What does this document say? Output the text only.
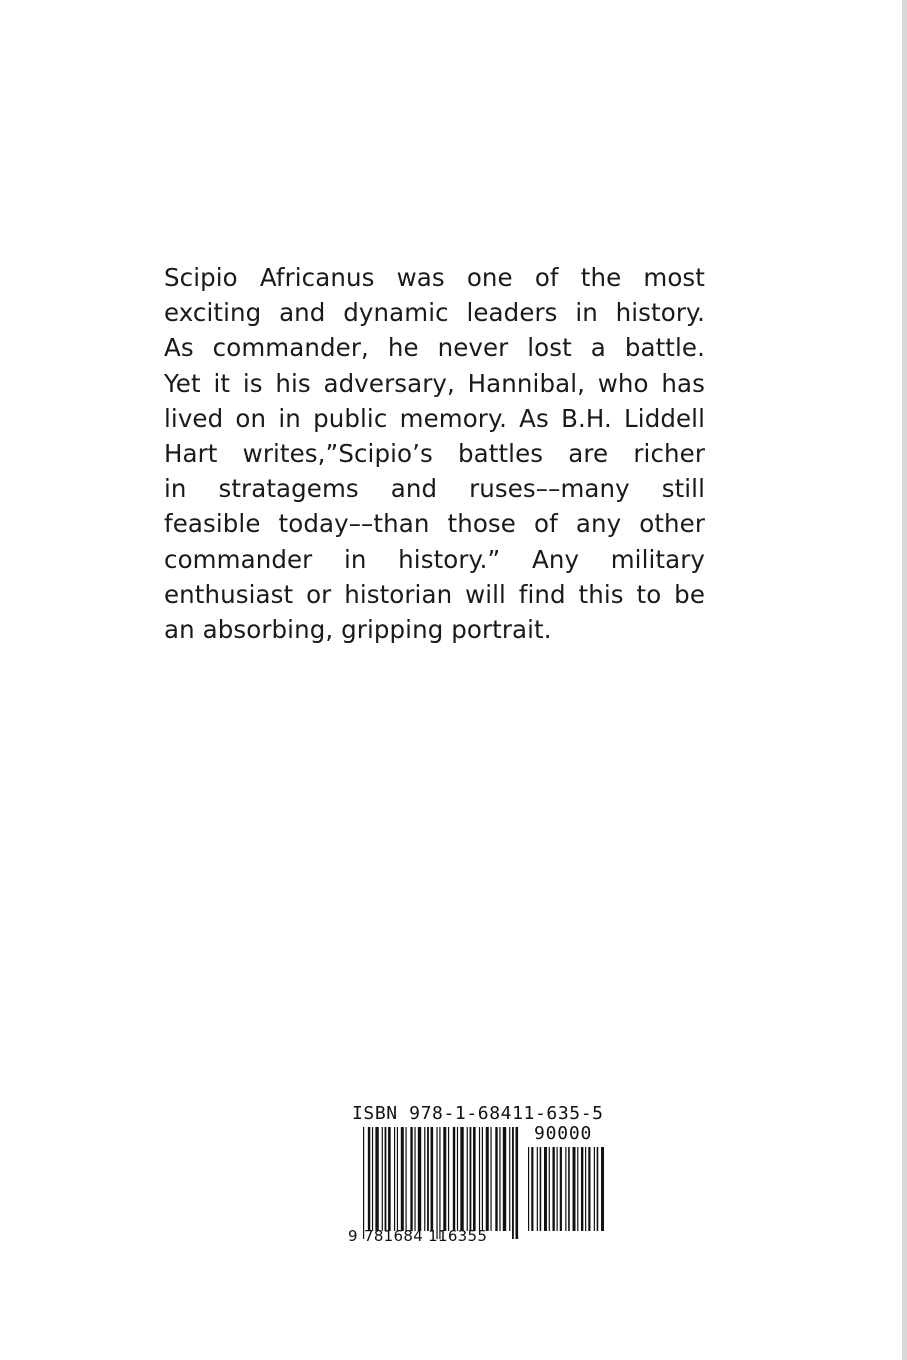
Scipio Africanus was one of the most
exciting and dynamic leaders in history.
As commander, he never lost a battle.
Yet it is his adversary, Hannibal, who has
lived on in public memory. As B.H. Liddell
Hart writes,”Scipio’s battles are richer
in stratagems and ruses––many still
feasible today––than those of any other
commander in history.” Any military
enthusiast or historian will find this to be
an absorbing, gripping portrait.
ISBN 978-1-68411-635-5
90000
9 781684 116355
